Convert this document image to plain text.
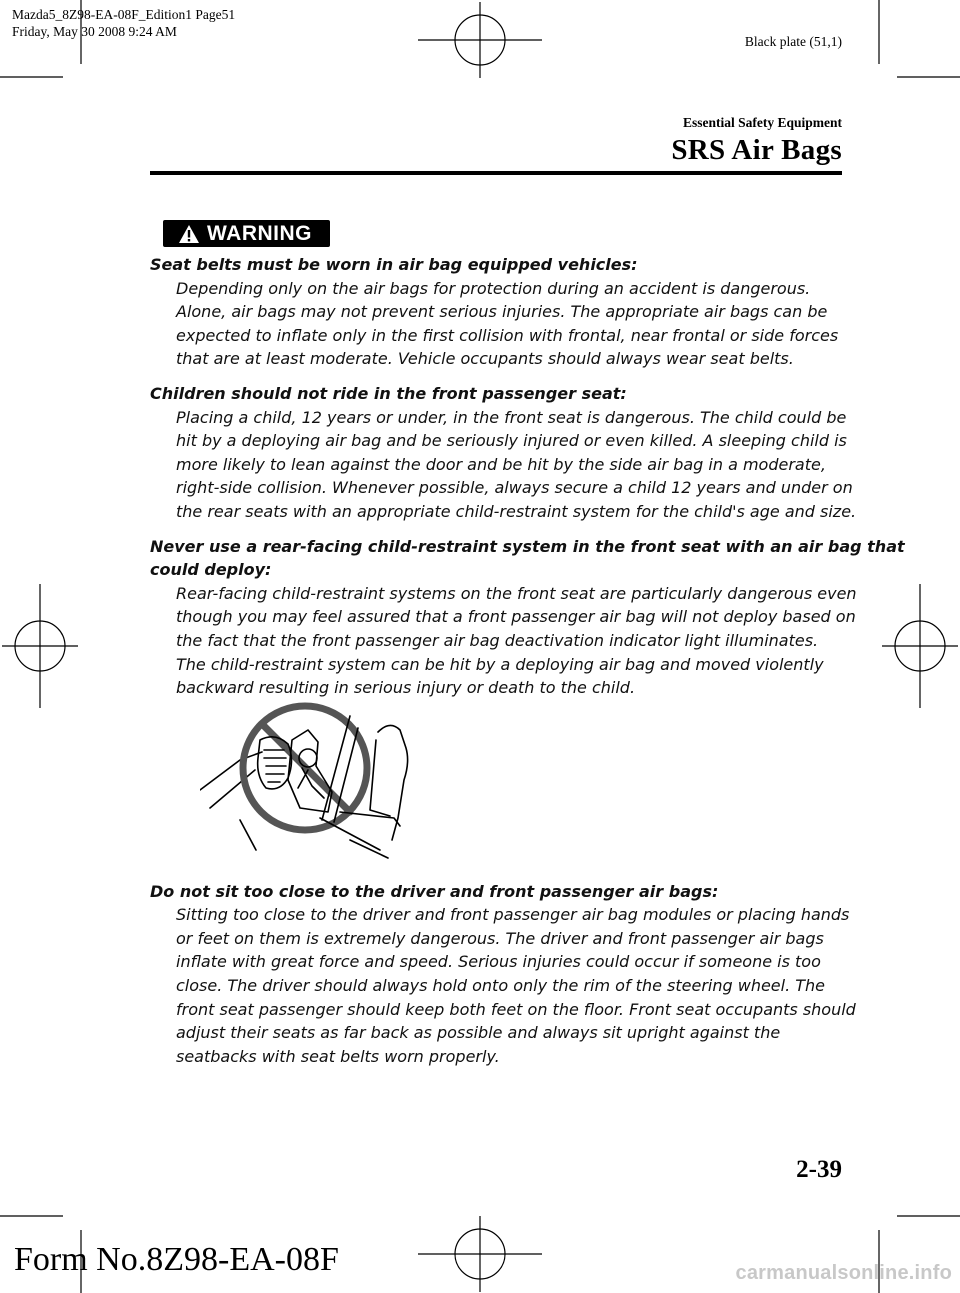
Mazda5_8Z98-EA-08F_Edition1 Page51
Friday, May 30 2008 9:24 AM
Black plate (51,1)
Essential Safety Equipment
SRS Air Bags
WARNING
Seat belts must be worn in air bag equipped vehicles:
Depending only on the air bags for protection during an accident is dangerous.
Alone, air bags may not prevent serious injuries. The appropriate air bags can be
expected to inflate only in the first collision with frontal, near frontal or side forces
that are at least moderate. Vehicle occupants should always wear seat belts.
Children should not ride in the front passenger seat:
Placing a child, 12 years or under, in the front seat is dangerous. The child could be
hit by a deploying air bag and be seriously injured or even killed. A sleeping child is
more likely to lean against the door and be hit by the side air bag in a moderate,
right-side collision. Whenever possible, always secure a child 12 years and under on
the rear seats with an appropriate child-restraint system for the child's age and size.
Never use a rear-facing child-restraint system in the front seat with an air bag that
could deploy:
Rear-facing child-restraint systems on the front seat are particularly dangerous even
though you may feel assured that a front passenger air bag will not deploy based on
the fact that the front passenger air bag deactivation indicator light illuminates.
The child-restraint system can be hit by a deploying air bag and moved violently
backward resulting in serious injury or death to the child.
Do not sit too close to the driver and front passenger air bags:
Sitting too close to the driver and front passenger air bag modules or placing hands
or feet on them is extremely dangerous. The driver and front passenger air bags
inflate with great force and speed. Serious injuries could occur if someone is too
close. The driver should always hold onto only the rim of the steering wheel. The
front seat passenger should keep both feet on the floor. Front seat occupants should
adjust their seats as far back as possible and always sit upright against the
seatbacks with seat belts worn properly.
2-39
Form No.8Z98-EA-08F	carmanualsonline.info
